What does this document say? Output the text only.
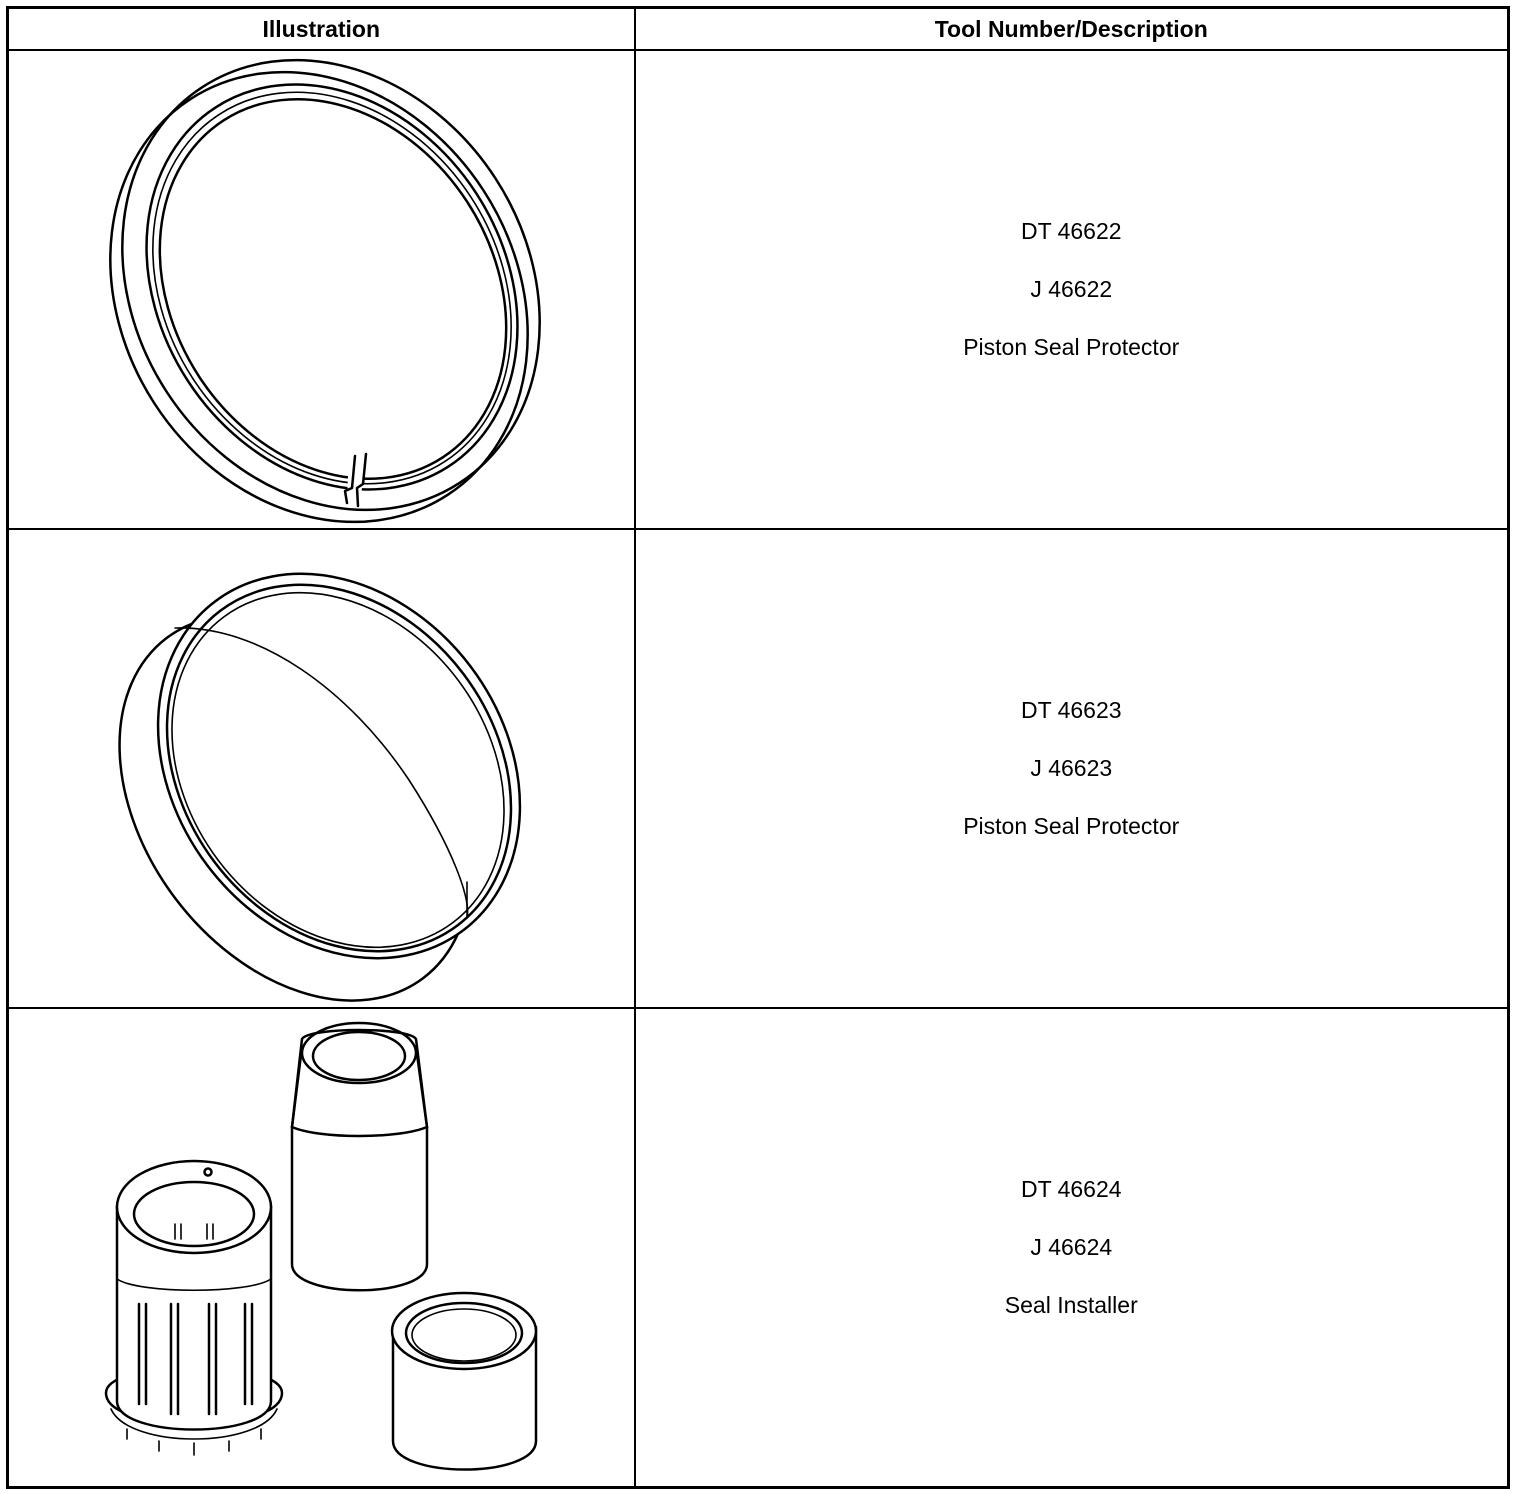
Illustration	Tool Number/Description

DT 46622
J 46622
Piston Seal Protector

DT 46623
J 46623
Piston Seal Protector

DT 46624
J 46624
Seal Installer
